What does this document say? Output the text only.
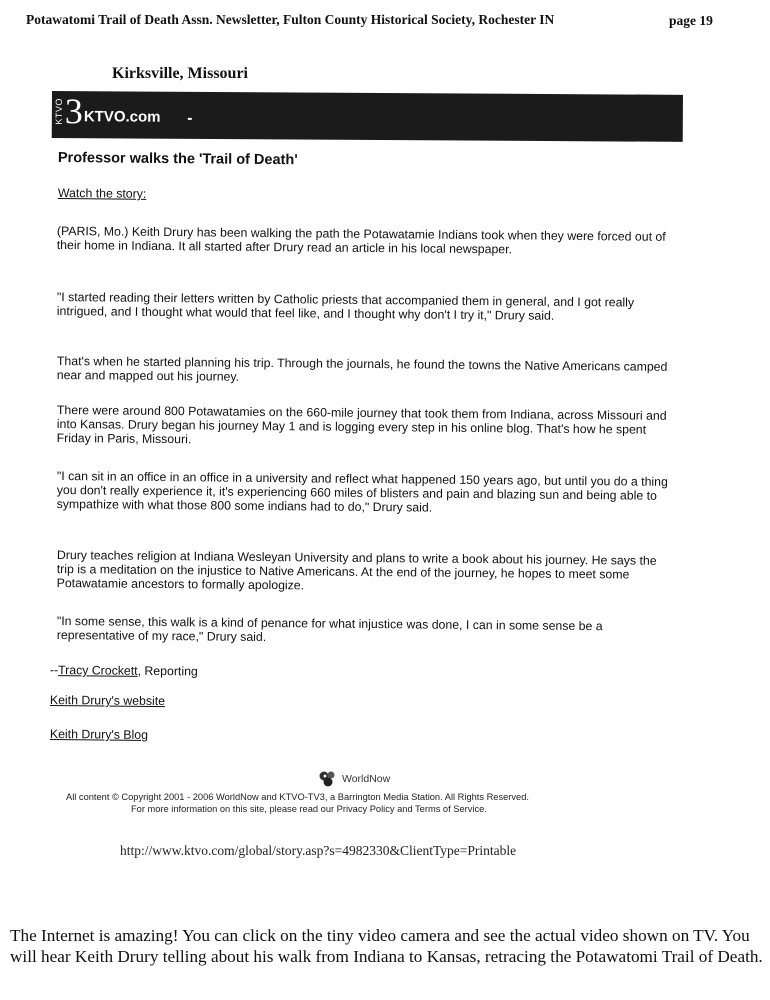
Potawatomi Trail of Death Assn. Newsletter, Fulton County Historical Society, Rochester IN	page 19
Kirksville, Missouri
KTVO 3 KTVO.com
Professor walks the 'Trail of Death'
Watch the story:

(PARIS, Mo.) Keith Drury has been walking the path the Potawatamie Indians took when they were forced out of their home in Indiana. It all started after Drury read an article in his local newspaper.

"I started reading their letters written by Catholic priests that accompanied them in general, and I got really intrigued, and I thought what would that feel like, and I thought why don't I try it," Drury said.

That's when he started planning his trip. Through the journals, he found the towns the Native Americans camped near and mapped out his journey.

There were around 800 Potawatamies on the 660-mile journey that took them from Indiana, across Missouri and into Kansas. Drury began his journey May 1 and is logging every step in his online blog. That's how he spent Friday in Paris, Missouri.

"I can sit in an office in an office in a university and reflect what happened 150 years ago, but until you do a thing you don't really experience it, it's experiencing 660 miles of blisters and pain and blazing sun and being able to sympathize with what those 800 some indians had to do," Drury said.

Drury teaches religion at Indiana Wesleyan University and plans to write a book about his journey. He says the trip is a meditation on the injustice to Native Americans. At the end of the journey, he hopes to meet some Potawatamie ancestors to formally apologize.

"In some sense, this walk is a kind of penance for what injustice was done, I can in some sense be a representative of my race," Drury said.

--Tracy Crockett, Reporting
Keith Drury's website
Keith Drury's Blog
WorldNow
All content © Copyright 2001 - 2006 WorldNow and KTVO-TV3, a Barrington Media Station. All Rights Reserved.
For more information on this site, please read our Privacy Policy and Terms of Service.
http://www.ktvo.com/global/story.asp?s=4982330&ClientType=Printable
The Internet is amazing! You can click on the tiny video camera and see the actual video shown on TV. You will hear Keith Drury telling about his walk from Indiana to Kansas, retracing the Potawatomi Trail of Death.
